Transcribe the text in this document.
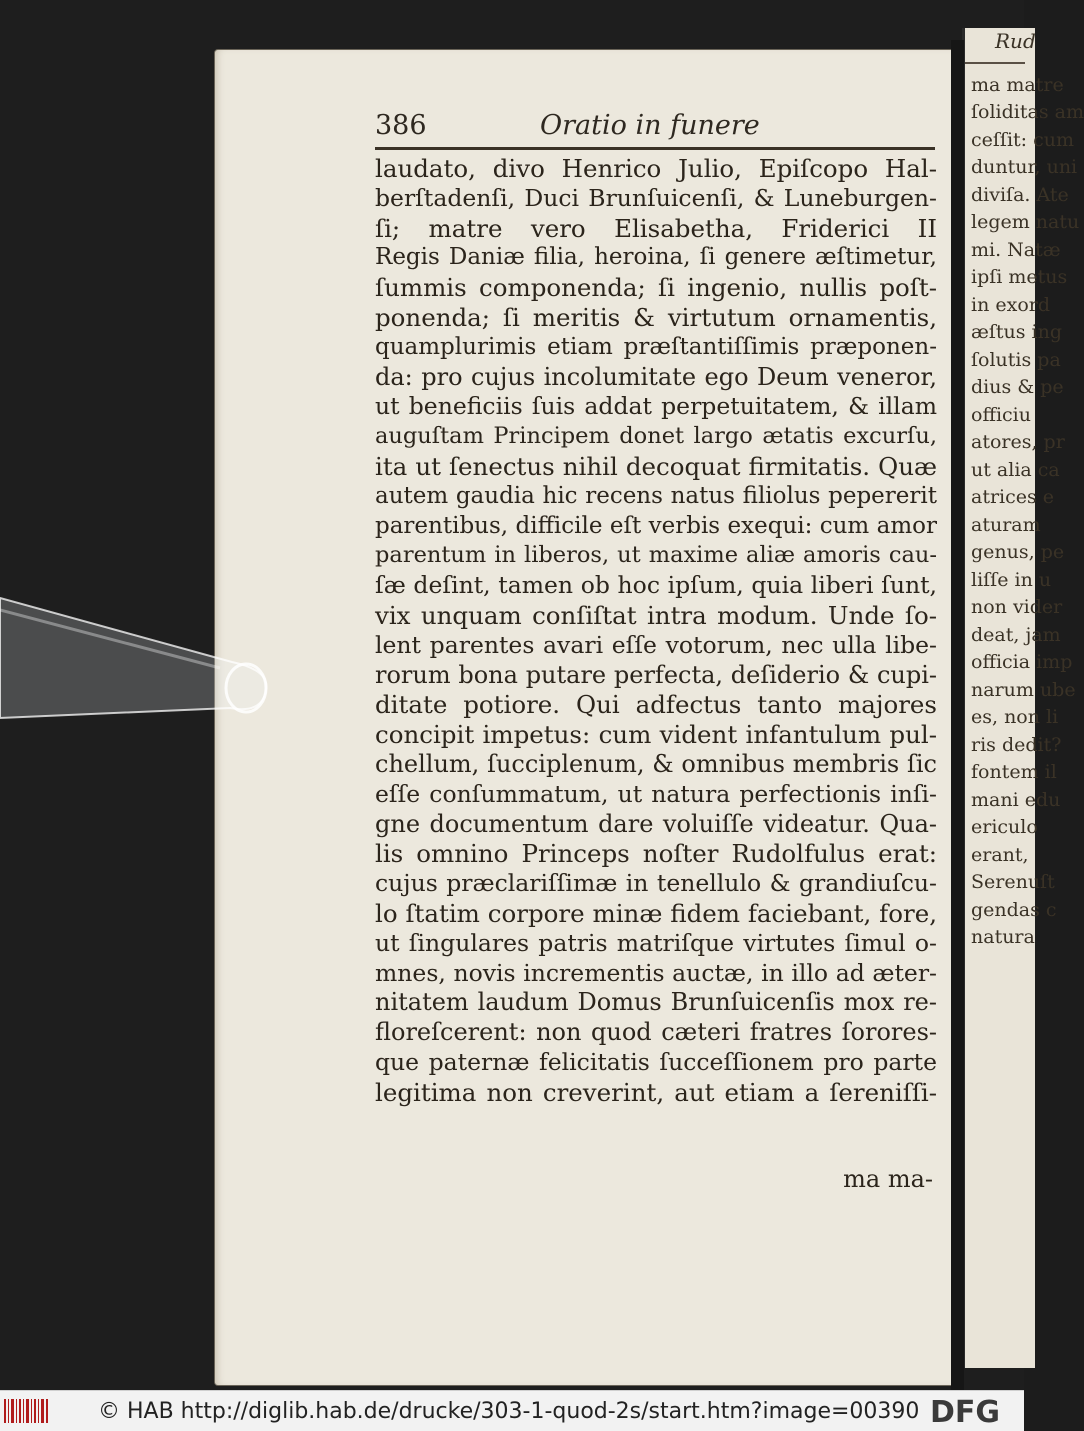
Rud
ma matre
ſoliditas am
ceſſit: cum
duntur, uni
diviſa. Ate
legem natu
mi. Natæ
ipſi metus
in exord
æſtus ing
ſolutis pa
dius & pe
officiu
atores, pr
ut alia ca
atrices e
aturam
genus, pe
liſſe in u
non vider
deat, jam
officia imp
narum ube
es, non li
ris dedit?
fontem il
mani edu
ericulo
erant,
Serenuſt
gendas c
natura
386	Oratio in funere
laudato, divo Henrico Julio, Epiſcopo Hal-
berſtadenſi, Duci Brunſuicenſi, & Luneburgen-
ſi; matre vero Elisabetha, Friderici II
Regis Daniæ filia, heroina, ſi genere æſtimetur,
ſummis componenda; ſi ingenio, nullis poſt-
ponenda; ſi meritis & virtutum ornamentis,
quamplurimis etiam præſtantiſſimis præponen-
da: pro cujus incolumitate ego Deum veneror,
ut beneficiis ſuis addat perpetuitatem, & illam
auguſtam Principem donet largo ætatis excurſu,
ita ut ſenectus nihil decoquat firmitatis. Quæ
autem gaudia hic recens natus filiolus pepererit
parentibus, difficile eſt verbis exequi: cum amor
parentum in liberos, ut maxime aliæ amoris cau-
ſæ deſint, tamen ob hoc ipſum, quia liberi ſunt,
vix unquam conſiſtat intra modum. Unde ſo-
lent parentes avari eſſe votorum, nec ulla libe-
rorum bona putare perfecta, deſiderio & cupi-
ditate potiore. Qui adfectus tanto majores
concipit impetus: cum vident infantulum pul-
chellum, ſucciplenum, & omnibus membris ſic
eſſe conſummatum, ut natura perfectionis inſi-
gne documentum dare voluiſſe videatur. Qua-
lis omnino Princeps noſter Rudolfulus erat:
cujus præclariſſimæ in tenellulo & grandiuſcu-
lo ſtatim corpore minæ fidem faciebant, fore,
ut ſingulares patris matriſque virtutes ſimul o-
mnes, novis incrementis auctæ, in illo ad æter-
nitatem laudum Domus Brunſuicenſis mox re-
floreſcerent: non quod cæteri fratres ſorores-
que paternæ felicitatis ſucceſſionem pro parte
legitima non creverint, aut etiam a ſereniſſi-
ma ma-
© HAB http://diglib.hab.de/drucke/303-1-quod-2s/start.htm?image=00390 DFG
